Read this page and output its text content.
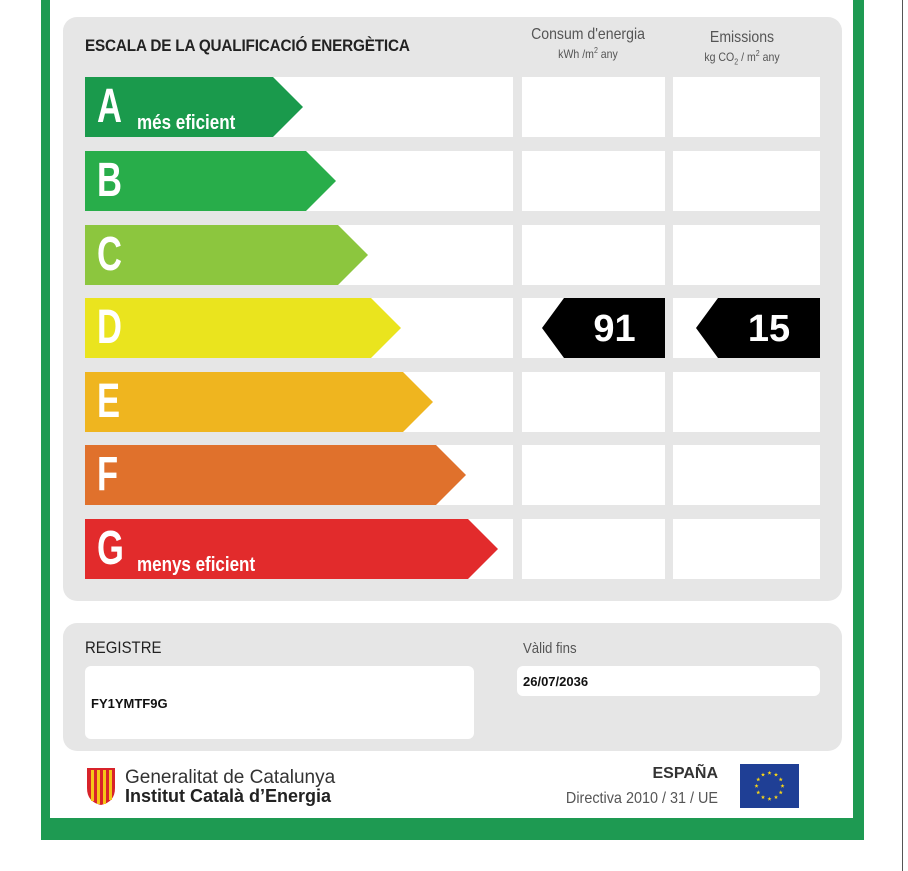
ESCALA DE LA QUALIFICACIÓ ENERGÈTICA
Consum d'energia
kWh $/m^2$ any
Emissions
kg $CO_2 / m^2$ any
A més eficient
B
C
D	91	15
E
F
G menys eficient
REGISTRE
FY1YMTF9G
Vàlid fins
26/07/2036
Generalitat de Catalunya
Institut Català d’Energia
ESPAÑA
Directiva 2010 / 31 / UE
